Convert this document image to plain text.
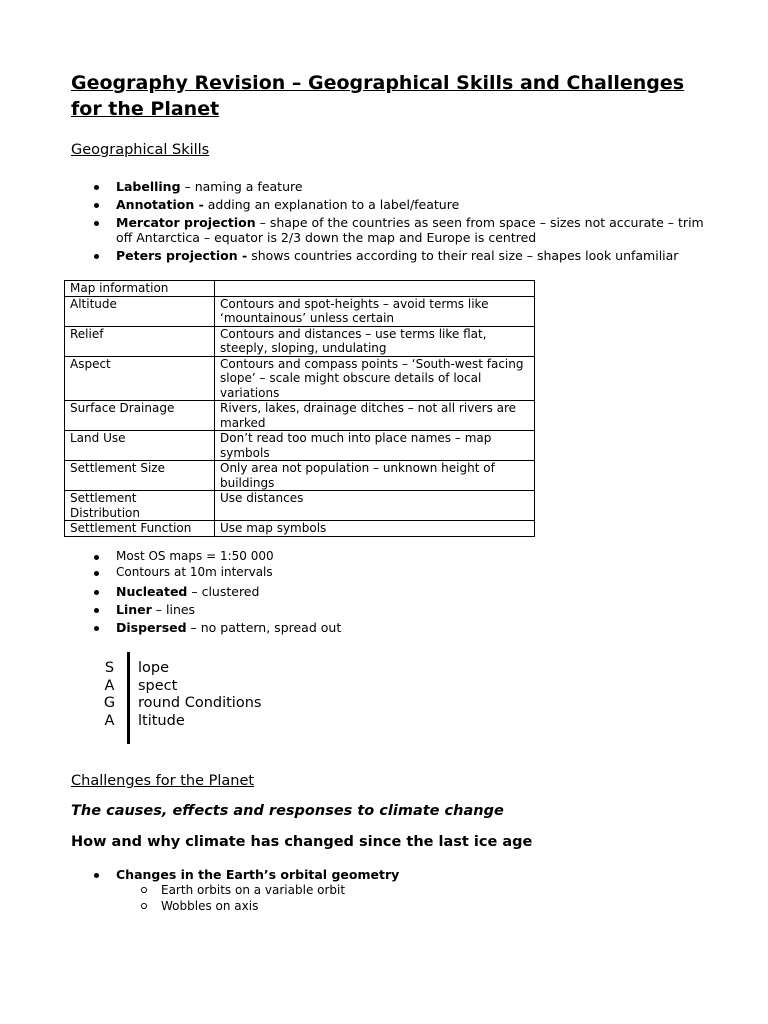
Geography Revision – Geographical Skills and Challenges for the Planet

Geographical Skills

Labelling – naming a feature
Annotation - adding an explanation to a label/feature
Mercator projection – shape of the countries as seen from space – sizes not accurate – trim off Antarctica – equator is 2/3 down the map and Europe is centred
Peters projection - shows countries according to their real size – shapes look unfamiliar
Map information	
Altitude	Contours and spot-heights – avoid terms like ‘mountainous’ unless certain
Relief	Contours and distances – use terms like flat, steeply, sloping, undulating
Aspect	Contours and compass points – ‘South-west facing slope’ – scale might obscure details of local variations
Surface Drainage	Rivers, lakes, drainage ditches – not all rivers are marked
Land Use	Don’t read too much into place names – map symbols
Settlement Size	Only area not population – unknown height of buildings
Settlement Distribution	Use distances
Settlement Function	Use map symbols
Most OS maps = 1:50 000
Contours at 10m intervals
Nucleated – clustered
Liner – lines
Dispersed – no pattern, spread out
S	lope
A	spect
G	round Conditions
A	ltitude

Challenges for the Planet

The causes, effects and responses to climate change

How and why climate has changed since the last ice age

Changes in the Earth’s orbital geometry
Earth orbits on a variable orbit
Wobbles on axis
